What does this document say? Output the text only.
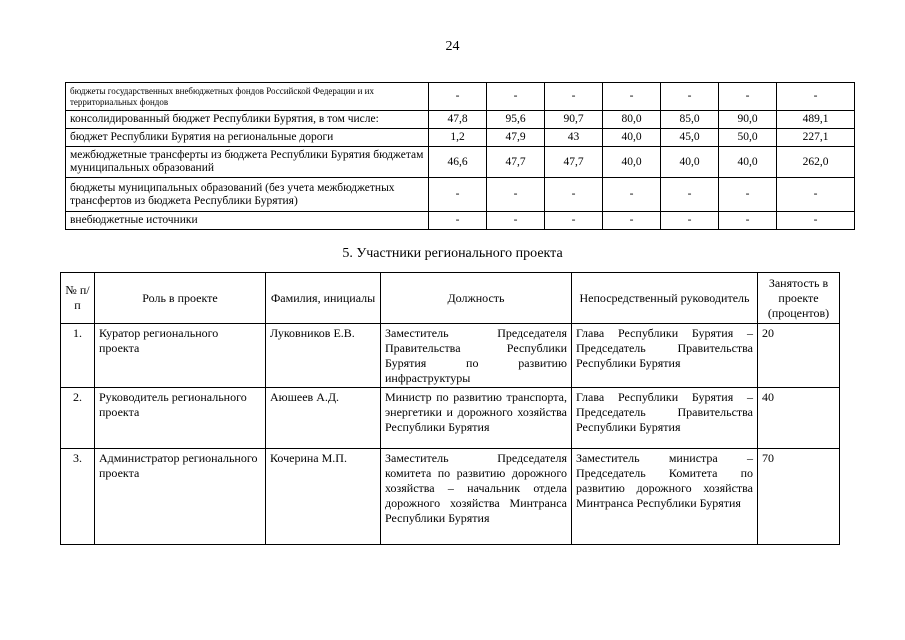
24
бюджеты государственных внебюджетных фондов Российской Федерации и их территориальных фондов	-	-	-	-	-	-	-
консолидированный бюджет Республики Бурятия, в том числе:	47,8	95,6	90,7	80,0	85,0	90,0	489,1
бюджет Республики Бурятия на региональные дороги	1,2	47,9	43	40,0	45,0	50,0	227,1
межбюджетные трансферты из бюджета Республики Бурятия бюджетам муниципальных образований	46,6	47,7	47,7	40,0	40,0	40,0	262,0
бюджеты муниципальных образований (без учета межбюджетных трансфертов из бюджета Республики Бурятия)	-	-	-	-	-	-	-
внебюджетные источники	-	-	-	-	-	-	-
5. Участники регионального проекта
№ п/п	Роль в проекте	Фамилия, инициалы	Должность	Непосредственный руководитель	Занятость в проекте (процентов)
1.	Куратор регионального проекта	Луковников Е.В.	Заместитель Председателя Правительства Республики Бурятия по развитию инфраструктуры	Глава Республики Бурятия – Председатель Правительства Республики Бурятия	20
2.	Руководитель регионального проекта	Аюшеев А.Д.	Министр по развитию транспорта, энергетики и дорожного хозяйства Республики Бурятия	Глава Республики Бурятия – Председатель Правительства Республики Бурятия	40
3.	Администратор регионального проекта	Кочерина М.П.	Заместитель Председателя комитета по развитию дорожного хозяйства – начальник отдела дорожного хозяйства Минтранса Республики Бурятия	Заместитель министра – Председатель Комитета по развитию дорожного хозяйства Минтранса Республики Бурятия	70
